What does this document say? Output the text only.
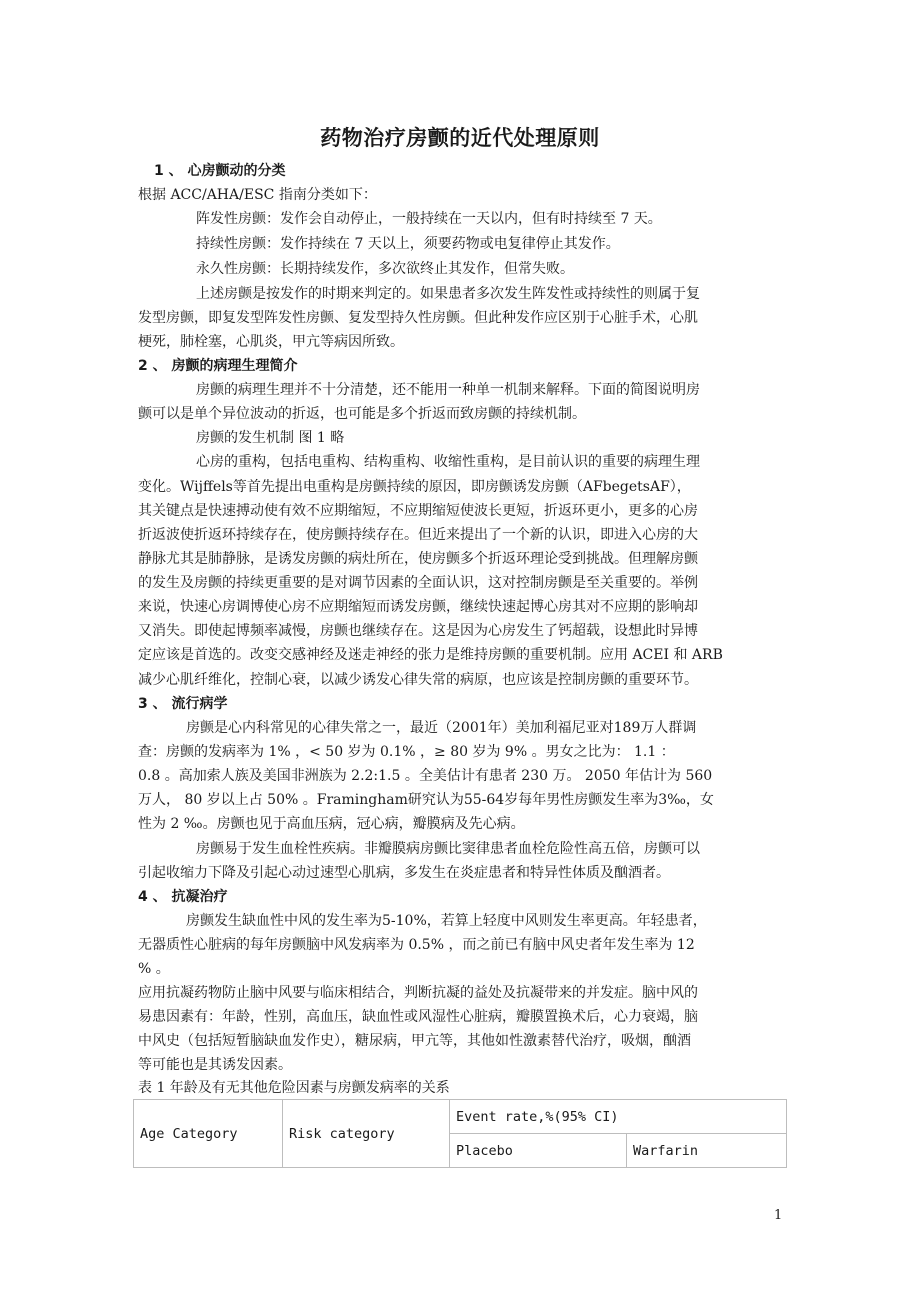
药物治疗房颤的近代处理原则
1 、 心房颤动的分类
根据 ACC/AHA/ESC 指南分类如下：
阵发性房颤：发作会自动停止，一般持续在一天以内，但有时持续至 7 天。
持续性房颤：发作持续在 7 天以上，须要药物或电复律停止其发作。
永久性房颤：长期持续发作，多次欲终止其发作，但常失败。
上述房颤是按发作的时期来判定的。如果患者多次发生阵发性或持续性的则属于复
发型房颤，即复发型阵发性房颤、复发型持久性房颤。但此种发作应区别于心脏手术，心肌
梗死，肺栓塞，心肌炎，甲亢等病因所致。
2 、 房颤的病理生理简介
房颤的病理生理并不十分清楚，还不能用一种单一机制来解释。下面的简图说明房
颤可以是单个异位波动的折返，也可能是多个折返而致房颤的持续机制。
房颤的发生机制 图 1 略
心房的重构，包括电重构、结构重构、收缩性重构，是目前认识的重要的病理生理
变化。Wijffels等首先提出电重构是房颤持续的原因，即房颤诱发房颤（AFbegetsAF），
其关键点是快速搏动使有效不应期缩短，不应期缩短使波长更短，折返环更小，更多的心房
折返波使折返环持续存在，使房颤持续存在。但近来提出了一个新的认识，即进入心房的大
静脉尤其是肺静脉，是诱发房颤的病灶所在，使房颤多个折返环理论受到挑战。但理解房颤
的发生及房颤的持续更重要的是对调节因素的全面认识，这对控制房颤是至关重要的。举例
来说，快速心房调博使心房不应期缩短而诱发房颤，继续快速起博心房其对不应期的影响却
又消失。即使起博频率减慢，房颤也继续存在。这是因为心房发生了钙超载，设想此时异博
定应该是首选的。改变交感神经及迷走神经的张力是维持房颤的重要机制。应用 ACEI 和 ARB
减少心肌纤维化，控制心衰，以减少诱发心律失常的病原，也应该是控制房颤的重要环节。
3 、 流行病学
房颤是心内科常见的心律失常之一，最近（2001年）美加利福尼亚对189万人群调
查：房颤的发病率为 1% ，< 50 岁为 0.1% ，≥ 80 岁为 9% 。男女之比为： 1.1 ：
0.8 。高加索人族及美国非洲族为 2.2:1.5 。全美估计有患者 230 万。 2050 年估计为 560
万人， 80 岁以上占 50% 。Framingham研究认为55-64岁每年男性房颤发生率为3‰，女
性为 2 ‰。房颤也见于高血压病，冠心病，瓣膜病及先心病。
房颤易于发生血栓性疾病。非瓣膜病房颤比窦律患者血栓危险性高五倍，房颤可以
引起收缩力下降及引起心动过速型心肌病，多发生在炎症患者和特异性体质及酗酒者。
4 、 抗凝治疗
房颤发生缺血性中风的发生率为5-10%，若算上轻度中风则发生率更高。年轻患者，
无器质性心脏病的每年房颤脑中风发病率为 0.5% ，而之前已有脑中风史者年发生率为 12
% 。
应用抗凝药物防止脑中风要与临床相结合，判断抗凝的益处及抗凝带来的并发症。脑中风的
易患因素有：年龄，性别，高血压，缺血性或风湿性心脏病，瓣膜置换术后，心力衰竭，脑
中风史（包括短暂脑缺血发作史），糖尿病，甲亢等，其他如性激素替代治疗，吸烟，酗酒
等可能也是其诱发因素。
表 1 年龄及有无其他危险因素与房颤发病率的关系
Age Category	Risk category	Event rate,%(95% CI)	
		Placebo	Warfarin
1
